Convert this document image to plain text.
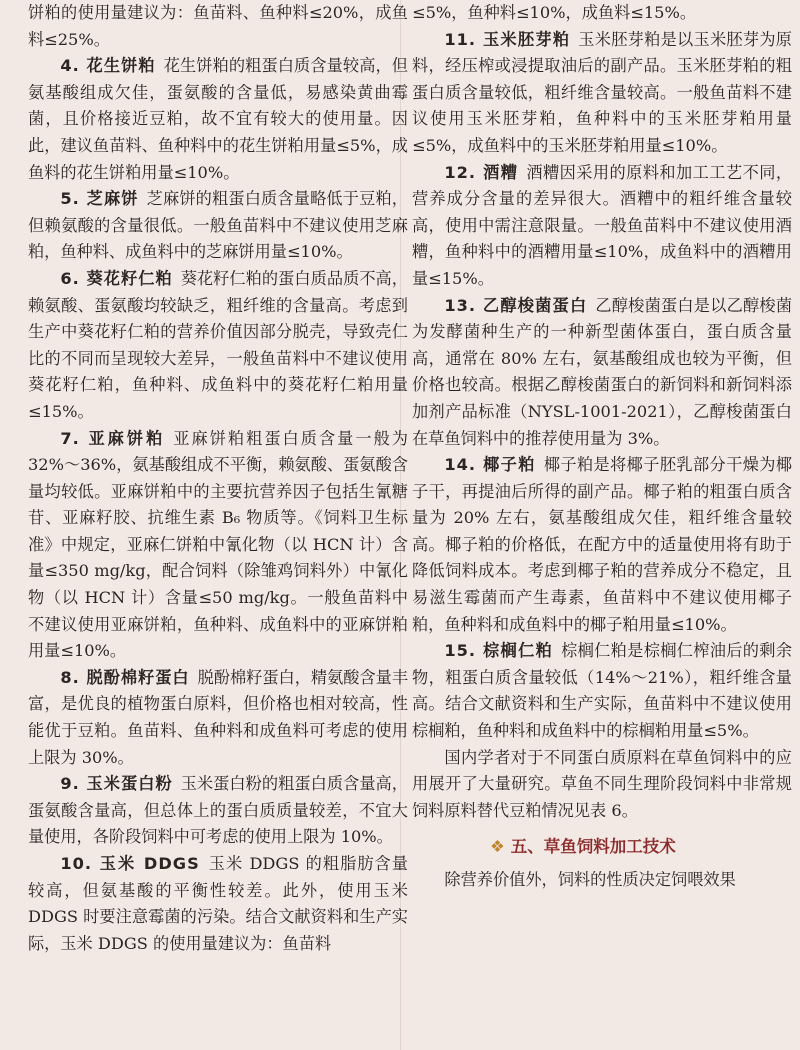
饼粕的使用量建议为：鱼苗料、鱼种料≤20%，成鱼料≤25%。

4. 花生饼粕 花生饼粕的粗蛋白质含量较高，但氨基酸组成欠佳，蛋氨酸的含量低，易感染黄曲霉菌，且价格接近豆粕，故不宜有较大的使用量。因此，建议鱼苗料、鱼种料中的花生饼粕用量≤5%，成鱼料的花生饼粕用量≤10%。

5. 芝麻饼 芝麻饼的粗蛋白质含量略低于豆粕，但赖氨酸的含量很低。一般鱼苗料中不建议使用芝麻粕，鱼种料、成鱼料中的芝麻饼用量≤10%。

6. 葵花籽仁粕 葵花籽仁粕的蛋白质品质不高，赖氨酸、蛋氨酸均较缺乏，粗纤维的含量高。考虑到生产中葵花籽仁粕的营养价值因部分脱壳，导致壳仁比的不同而呈现较大差异，一般鱼苗料中不建议使用葵花籽仁粕，鱼种料、成鱼料中的葵花籽仁粕用量≤15%。

7. 亚麻饼粕 亚麻饼粕粗蛋白质含量一般为 32%～36%，氨基酸组成不平衡，赖氨酸、蛋氨酸含量均较低。亚麻饼粕中的主要抗营养因子包括生氰糖苷、亚麻籽胶、抗维生素 B₆ 物质等。《饲料卫生标准》中规定，亚麻仁饼粕中氰化物（以 HCN 计）含量≤350 mg/kg，配合饲料（除雏鸡饲料外）中氰化物（以 HCN 计）含量≤50 mg/kg。一般鱼苗料中不建议使用亚麻饼粕，鱼种料、成鱼料中的亚麻饼粕用量≤10%。

8. 脱酚棉籽蛋白 脱酚棉籽蛋白，精氨酸含量丰富，是优良的植物蛋白原料，但价格也相对较高，性能优于豆粕。鱼苗料、鱼种料和成鱼料可考虑的使用上限为 30%。

9. 玉米蛋白粉 玉米蛋白粉的粗蛋白质含量高，蛋氨酸含量高，但总体上的蛋白质质量较差，不宜大量使用，各阶段饲料中可考虑的使用上限为 10%。

10. 玉米 DDGS 玉米 DDGS 的粗脂肪含量较高，但氨基酸的平衡性较差。此外，使用玉米 DDGS 时要注意霉菌的污染。结合文献资料和生产实际，玉米 DDGS 的使用量建议为：鱼苗料

≤5%，鱼种料≤10%，成鱼料≤15%。

11. 玉米胚芽粕 玉米胚芽粕是以玉米胚芽为原料，经压榨或浸提取油后的副产品。玉米胚芽粕的粗蛋白质含量较低，粗纤维含量较高。一般鱼苗料不建议使用玉米胚芽粕，鱼种料中的玉米胚芽粕用量≤5%，成鱼料中的玉米胚芽粕用量≤10%。

12. 酒糟 酒糟因采用的原料和加工工艺不同，营养成分含量的差异很大。酒糟中的粗纤维含量较高，使用中需注意限量。一般鱼苗料中不建议使用酒糟，鱼种料中的酒糟用量≤10%，成鱼料中的酒糟用量≤15%。

13. 乙醇梭菌蛋白 乙醇梭菌蛋白是以乙醇梭菌为发酵菌种生产的一种新型菌体蛋白，蛋白质含量高，通常在 80% 左右，氨基酸组成也较为平衡，但价格也较高。根据乙醇梭菌蛋白的新饲料和新饲料添加剂产品标准（NYSL-1001-2021），乙醇梭菌蛋白在草鱼饲料中的推荐使用量为 3%。

14. 椰子粕 椰子粕是将椰子胚乳部分干燥为椰子干，再提油后所得的副产品。椰子粕的粗蛋白质含量为 20% 左右，氨基酸组成欠佳，粗纤维含量较高。椰子粕的价格低，在配方中的适量使用将有助于降低饲料成本。考虑到椰子粕的营养成分不稳定，且易滋生霉菌而产生毒素，鱼苗料中不建议使用椰子粕，鱼种料和成鱼料中的椰子粕用量≤10%。

15. 棕榈仁粕 棕榈仁粕是棕榈仁榨油后的剩余物，粗蛋白质含量较低（14%～21%），粗纤维含量高。结合文献资料和生产实际，鱼苗料中不建议使用棕榈粕，鱼种料和成鱼料中的棕榈粕用量≤5%。

国内学者对于不同蛋白质原料在草鱼饲料中的应用展开了大量研究。草鱼不同生理阶段饲料中非常规饲料原料替代豆粕情况见表 6。

❖ 五、草鱼饲料加工技术

除营养价值外，饲料的性质决定饲喂效果
